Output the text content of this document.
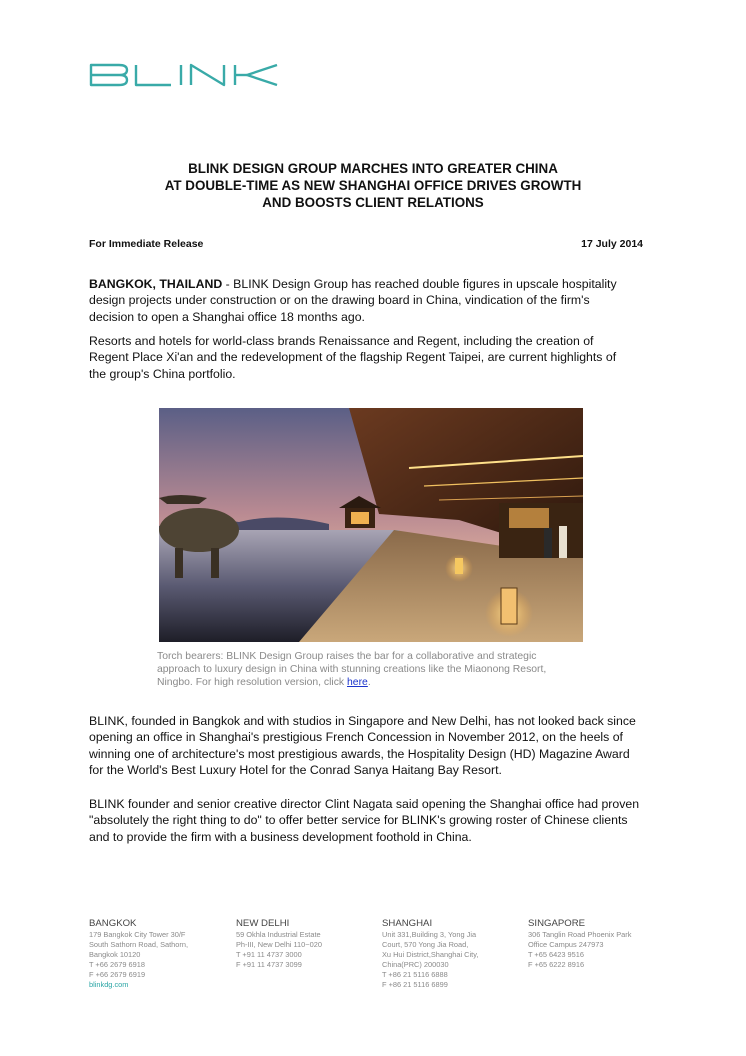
BLINK DESIGN GROUP MARCHES INTO GREATER CHINA
AT DOUBLE-TIME AS NEW SHANGHAI OFFICE DRIVES GROWTH
AND BOOSTS CLIENT RELATIONS
For Immediate Release	17 July 2014
BANGKOK, THAILAND - BLINK Design Group has reached double figures in upscale hospitality
design projects under construction or on the drawing board in China, vindication of the firm's
decision to open a Shanghai office 18 months ago.
Resorts and hotels for world-class brands Renaissance and Regent, including the creation of
Regent Place Xi'an and the redevelopment of the flagship Regent Taipei, are current highlights of
the group's China portfolio.
Torch bearers: BLINK Design Group raises the bar for a collaborative and strategic
approach to luxury design in China with stunning creations like the Miaonong Resort,
Ningbo. For high resolution version, click here.
BLINK, founded in Bangkok and with studios in Singapore and New Delhi, has not looked back since
opening an office in Shanghai's prestigious French Concession in November 2012, on the heels of
winning one of architecture's most prestigious awards, the Hospitality Design (HD) Magazine Award
for the World's Best Luxury Hotel for the Conrad Sanya Haitang Bay Resort.
BLINK founder and senior creative director Clint Nagata said opening the Shanghai office had proven
"absolutely the right thing to do" to offer better service for BLINK's growing roster of Chinese clients
and to provide the firm with a business development foothold in China.
BANGKOK
179 Bangkok City Tower 30/F
South Sathorn Road, Sathorn,
Bangkok 10120
T +66 2679 6918
F +66 2679 6919
blinkdg.com
NEW DELHI
59 Okhla Industrial Estate
Ph-III, New Delhi 110~020
T +91 11 4737 3000
F +91 11 4737 3099
SHANGHAI
Unit 331,Building 3, Yong Jia
Court, 570 Yong Jia Road,
Xu Hui District,Shanghai City,
China(PRC) 200030
T +86 21 5116 6888
F +86 21 5116 6899
SINGAPORE
306 Tanglin Road Phoenix Park
Office Campus 247973
T +65 6423 9516
F +65 6222 8916
